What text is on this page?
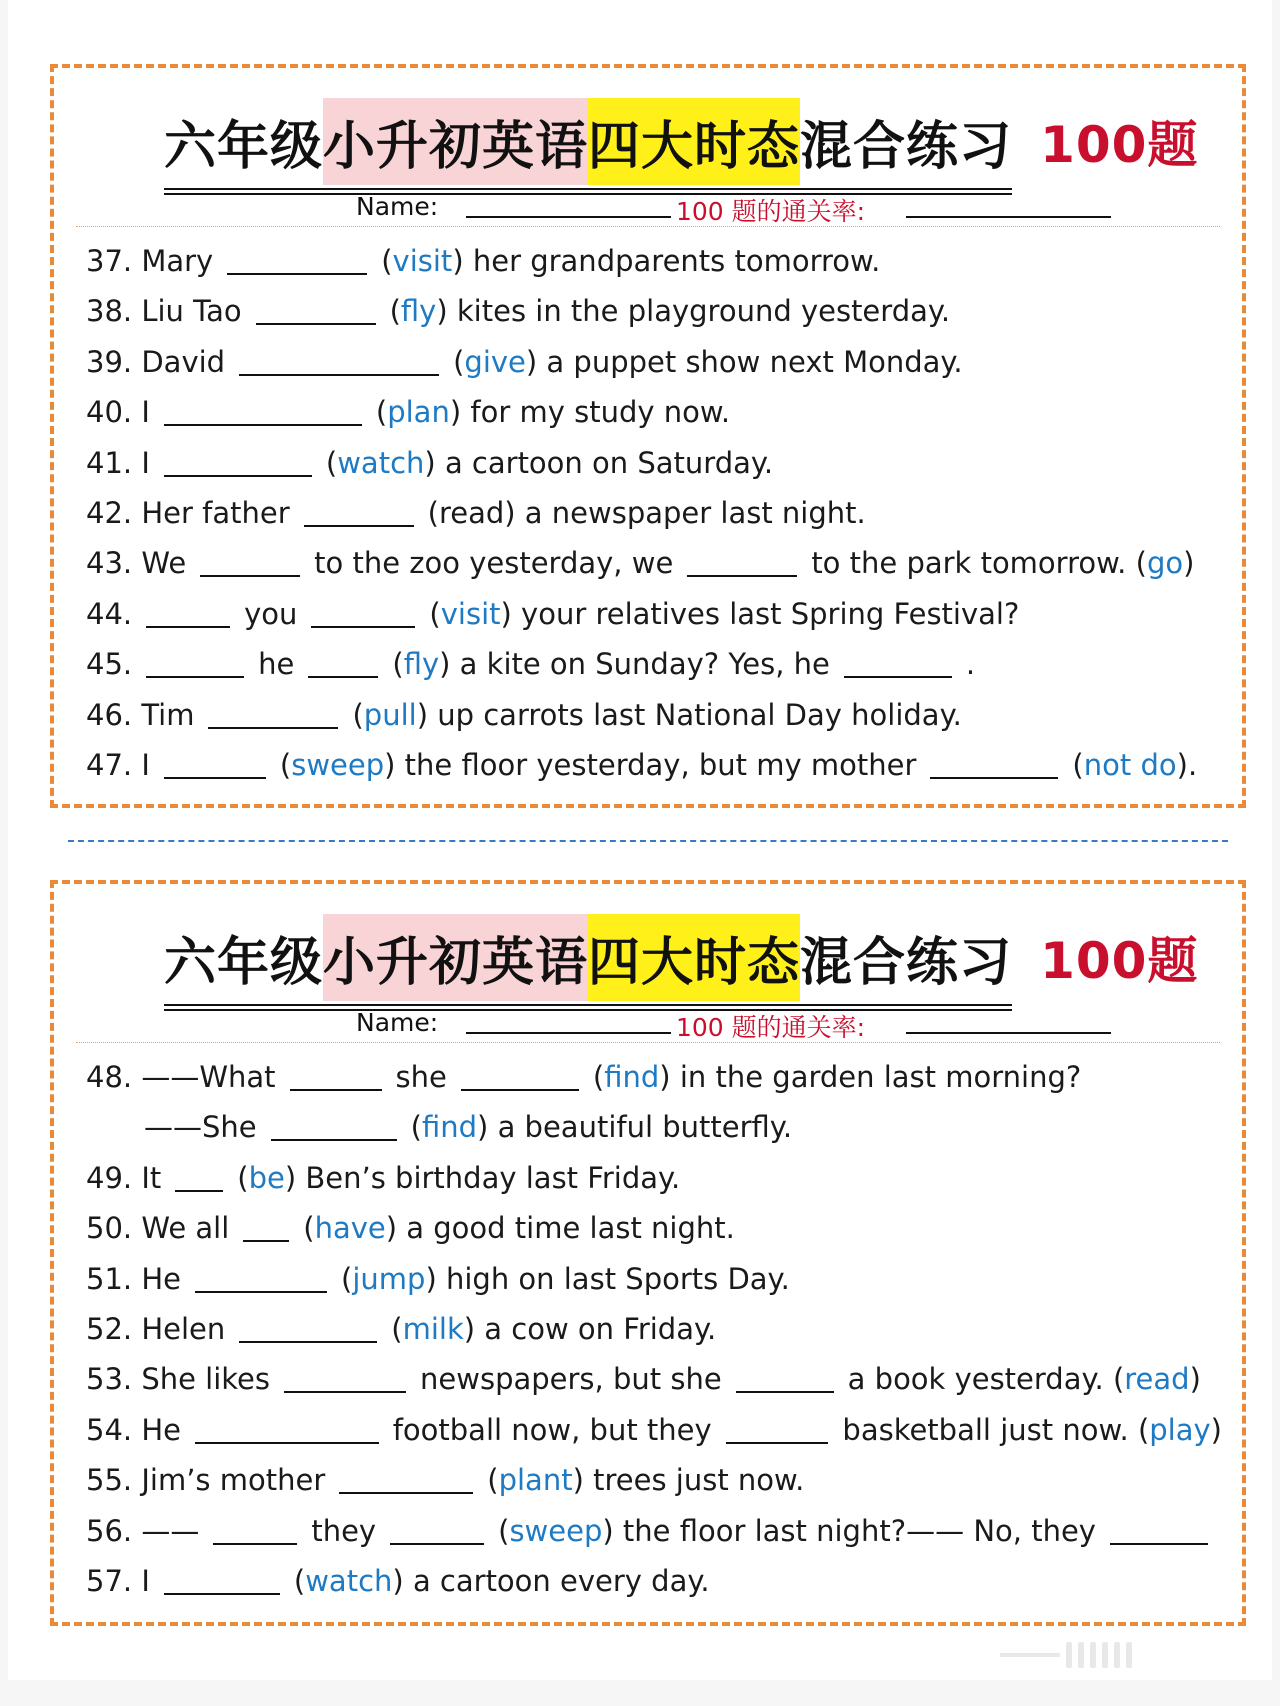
六年级 小升初英语 四大时态 混合练习 100题
Name:	100 题的通关率:
37. Mary	( visit ) her grandparents tomorrow.
38. Liu Tao	( fly ) kites in the playground yesterday.
39. David	( give ) a puppet show next Monday.
40. I	( plan ) for my study now.
41. I	( watch ) a cartoon on Saturday.
42. Her father	(read) a newspaper last night.
43. We	to the zoo yesterday, we	to the park tomorrow. ( go )
44.	you	( visit ) your relatives last Spring Festival?
45.	he	( fly ) a kite on Sunday? Yes, he	.
46. Tim	( pull ) up carrots last National Day holiday.
47. I	( sweep ) the floor yesterday, but my mother	( not do ).
六年级 小升初英语 四大时态 混合练习 100题
Name:	100 题的通关率:
48. ——What	she	( find ) in the garden last morning?
——She	( find ) a beautiful butterfly.
49. It	( be ) Ben’s birthday last Friday.
50. We all	( have ) a good time last night.
51. He	( jump ) high on last Sports Day.
52. Helen	( milk ) a cow on Friday.
53. She likes	newspapers, but she	a book yesterday. ( read )
54. He	football now, but they	basketball just now. ( play )
55. Jim’s mother	( plant ) trees just now.
56. ——	they	( sweep ) the floor last night?—— No, they
57. I	( watch ) a cartoon every day.
